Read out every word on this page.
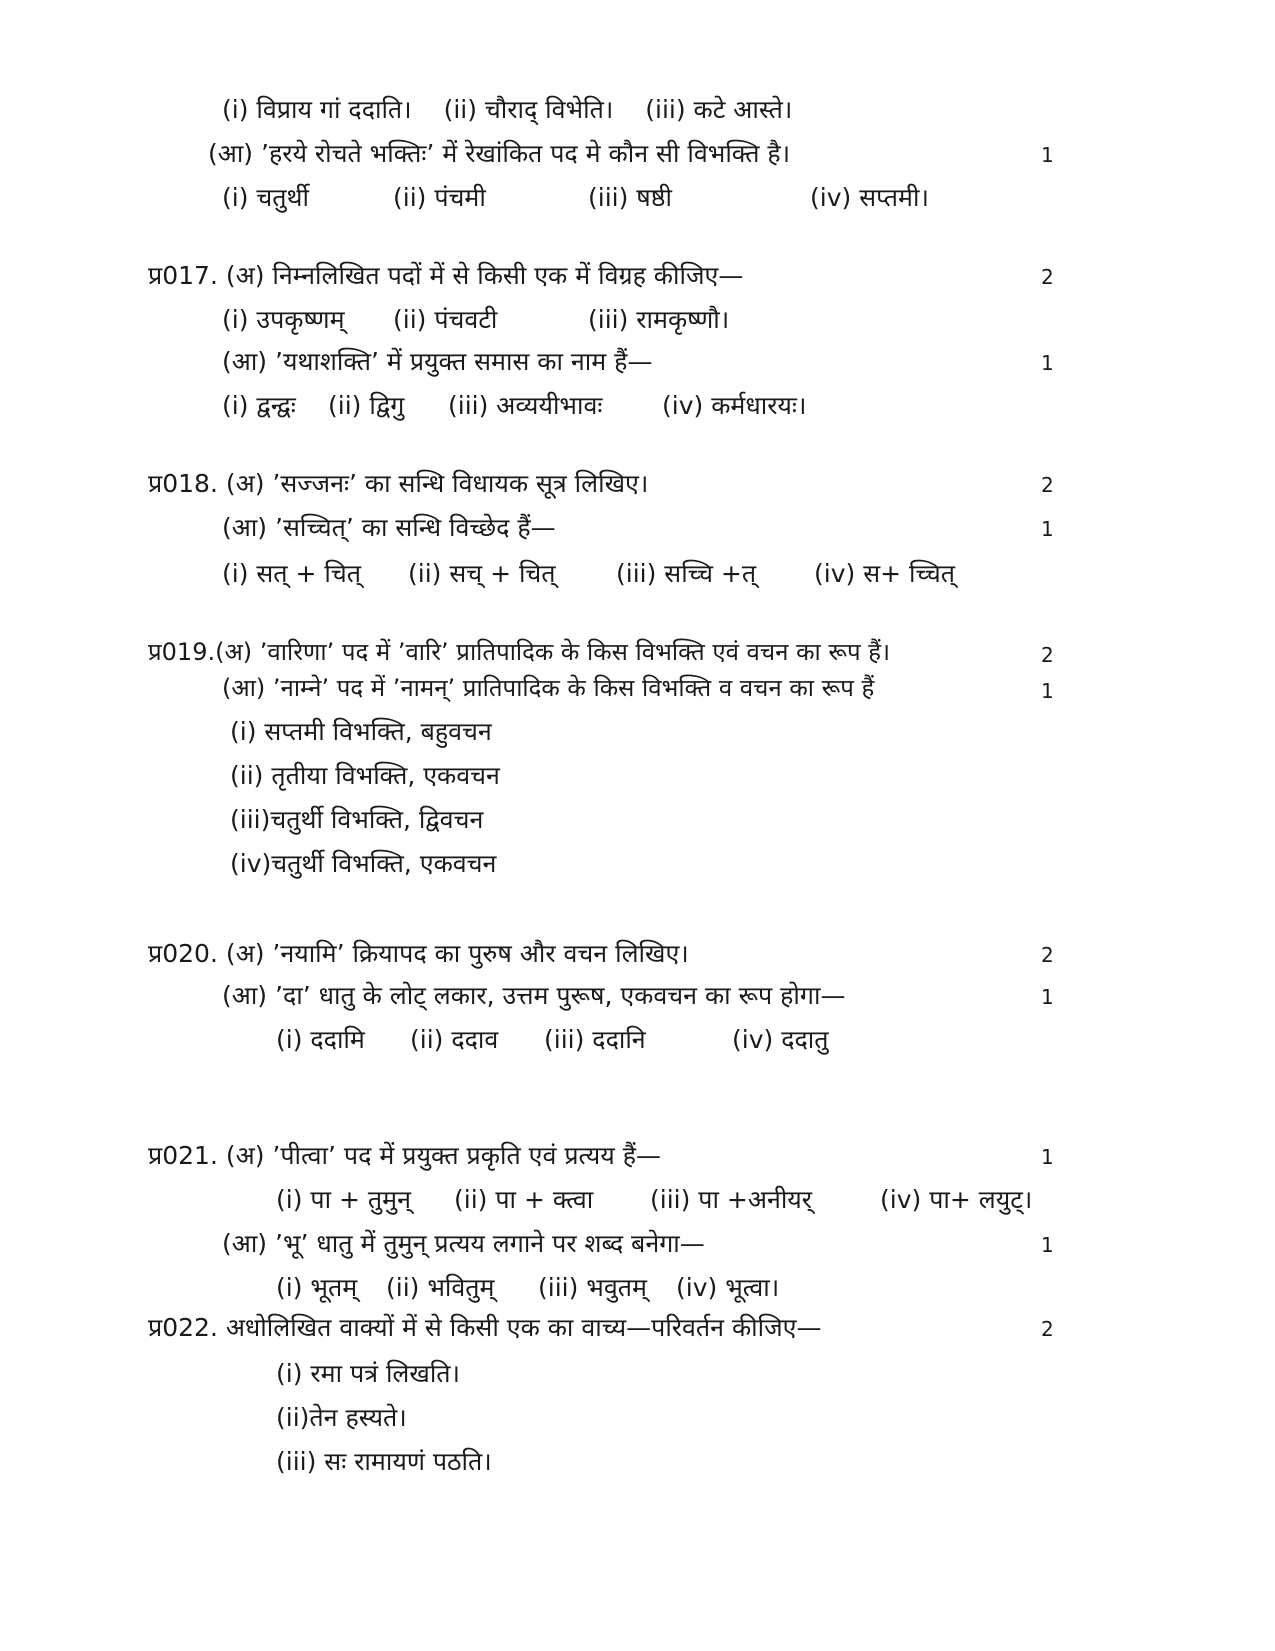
(i) विप्राय गां ददाति। (ii) चौराद् विभेति। (iii) कटे आस्ते।
(आ) ’हरये रोचते भक्तिः’ में रेखांकित पद मे कौन सी विभक्ति है।	1
(i) चतुर्थी	(ii) पंचमी	(iii) षष्ठी	(iv) सप्तमी।
प्र017. (अ) निम्नलिखित पदों में से किसी एक में विग्रह कीजिए—	2
(i) उपकृष्णम् (ii) पंचवटी	(iii) रामकृष्णौ।
(आ) ’यथाशक्ति’ में प्रयुक्त समास का नाम हैं—	1
(i) द्वन्द्वः (ii) द्विगु (iii) अव्ययीभावः (iv) कर्मधारयः।
प्र018. (अ) ’सज्जनः’ का सन्धि विधायक सूत्र लिखिए।	2
(आ) ’सच्चित्’ का सन्धि विच्छेद हैं—	1
(i) सत् + चित् (ii) सच् + चित् (iii) सच्चि +त् (iv) स+ च्चित्
प्र019.(अ) ’वारिणा’ पद में ’वारि’ प्रातिपादिक के किस विभक्ति एवं वचन का रूप हैं।	2
(आ) ’नाम्ने’ पद में ’नामन्’ प्रातिपादिक के किस विभक्ति व वचन का रूप हैं	1
(i) सप्तमी विभक्ति, बहुवचन
(ii) तृतीया विभक्ति, एकवचन
(iii)चतुर्थी विभक्ति, द्विवचन
(iv)चतुर्थी विभक्ति, एकवचन
प्र020. (अ) ’नयामि’ क्रियापद का पुरुष और वचन लिखिए।	2
(आ) ’दा’ धातु के लोट् लकार, उत्तम पुरूष, एकवचन का रूप होगा—	1
(i) ददामि (ii) ददाव (iii) ददानि	(iv) ददातु
प्र021. (अ) ’पीत्वा’ पद में प्रयुक्त प्रकृति एवं प्रत्यय हैं—	1
(i) पा + तुमुन् (ii) पा + क्त्वा (iii) पा +अनीयर्	(iv) पा+ लयुट्।
(आ) ’भू’ धातु में तुमुन् प्रत्यय लगाने पर शब्द बनेगा—	1
(i) भूतम् (ii) भवितुम् (iii) भवुतम् (iv) भूत्वा।
प्र022. अधोलिखित वाक्यों में से किसी एक का वाच्य—परिवर्तन कीजिए—	2
(i) रमा पत्रं लिखति।
(ii)तेन हस्यते।
(iii) सः रामायणं पठति।
